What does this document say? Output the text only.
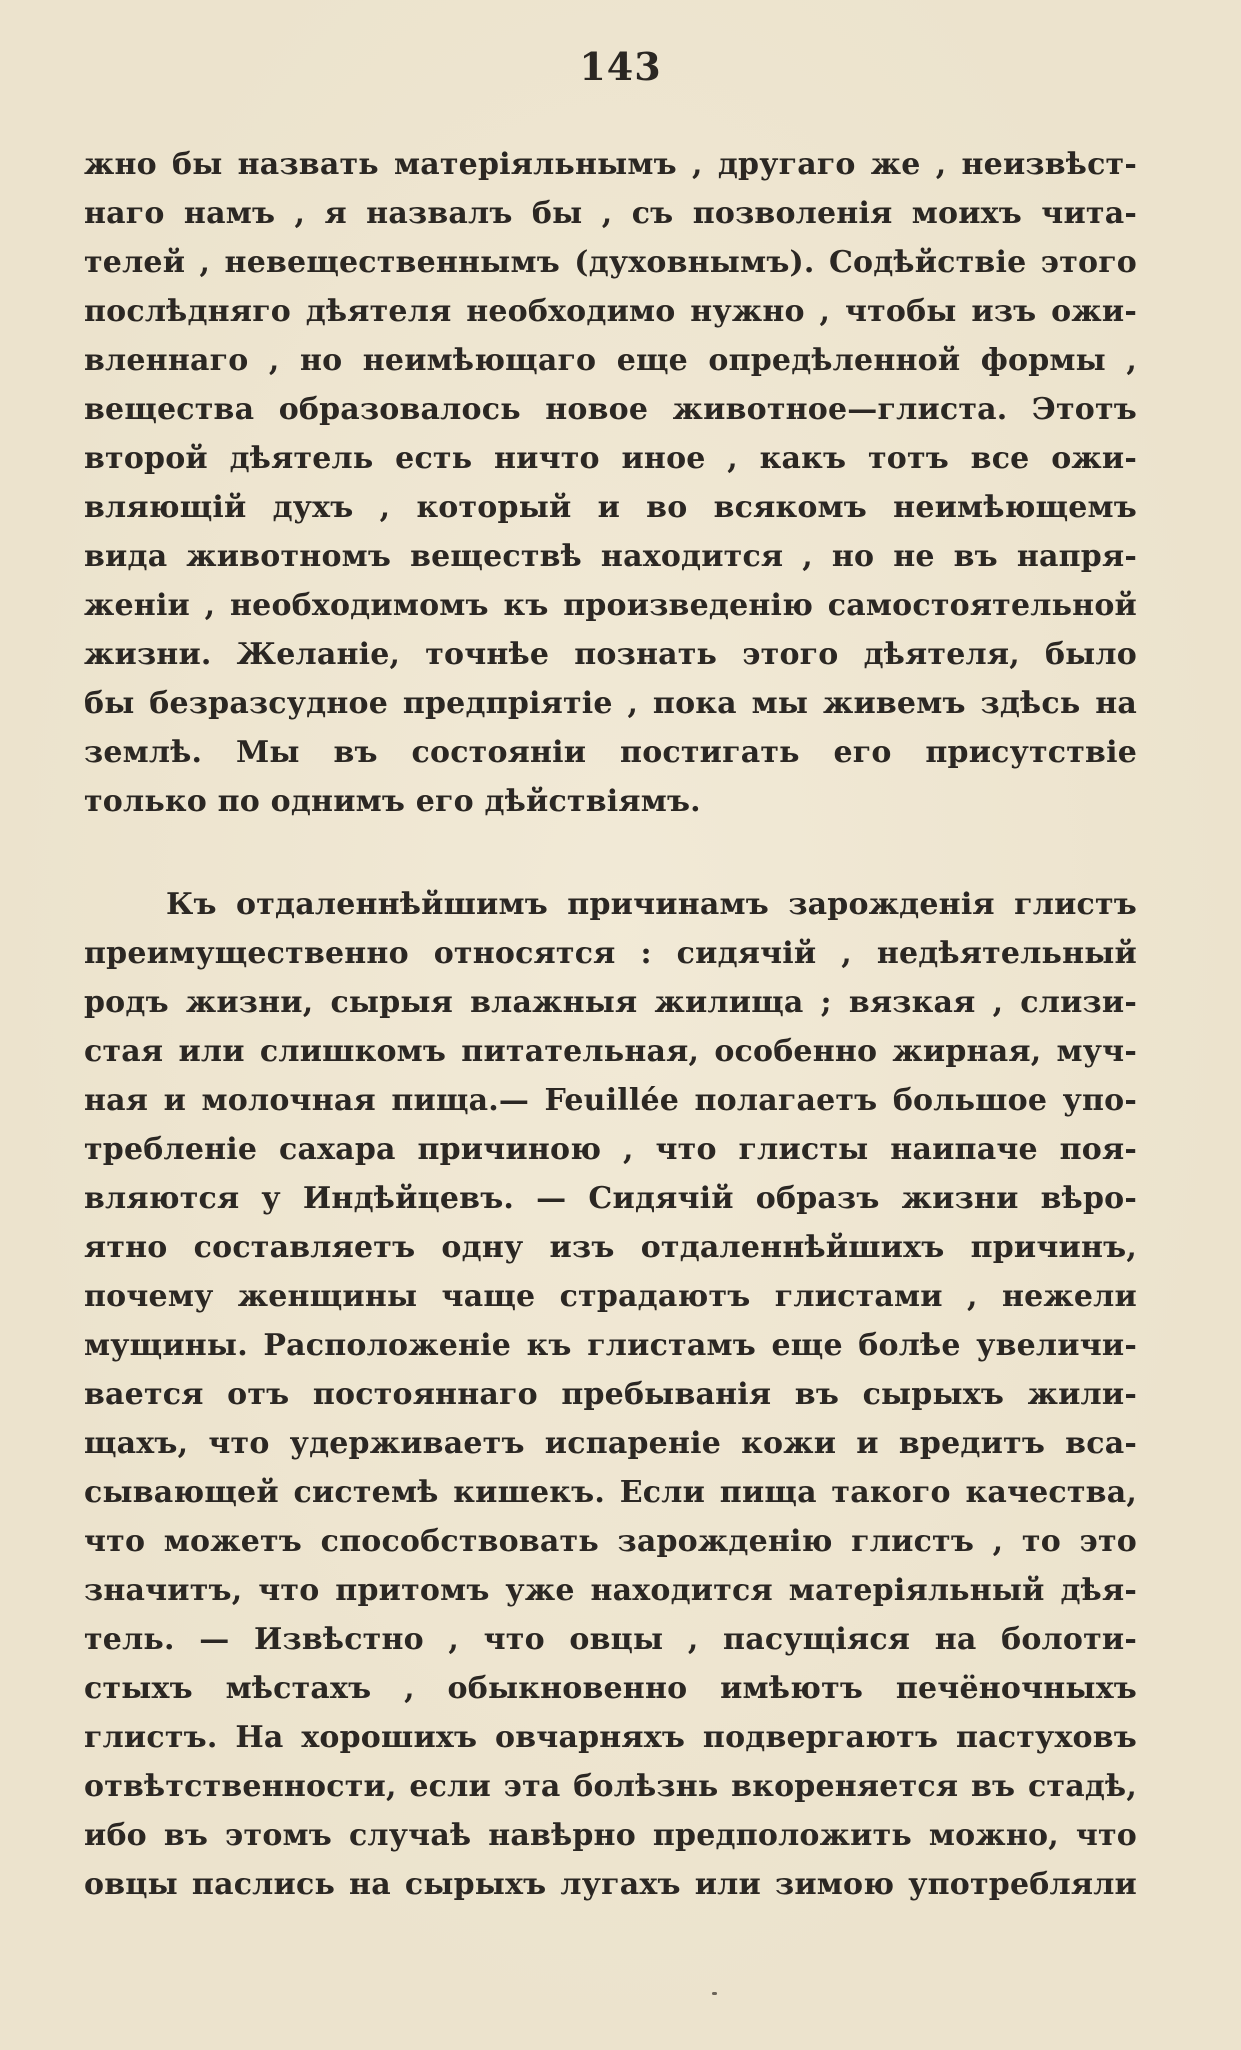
143
жно бы назвать матеріяльнымъ , другаго же , неизвѣст-
наго намъ , я назвалъ бы , съ позволенія моихъ чита-
телей , невещественнымъ (духовнымъ). Содѣйствіе этого
послѣдняго дѣятеля необходимо нужно , чтобы изъ ожи-
вленнаго , но неимѣющаго еще опредѣленной формы ,
вещества образовалось новое животное—глиста. Этотъ
второй дѣятель есть ничто иное , какъ тотъ все ожи-
вляющій духъ , который и во всякомъ неимѣющемъ
вида животномъ веществѣ находится , но не въ напря-
женіи , необходимомъ къ произведенію самостоятельной
жизни. Желаніе, точнѣе познать этого дѣятеля, было
бы безразсудное предпріятіе , пока мы живемъ здѣсь на
землѣ. Мы въ состояніи постигать его присутствіе
только по однимъ его дѣйствіямъ.
Къ отдаленнѣйшимъ причинамъ зарожденія глистъ
преимущественно относятся : сидячій , недѣятельный
родъ жизни, сырыя влажныя жилища ; вязкая , слизи-
стая или слишкомъ питательная, особенно жирная, муч-
ная и молочная пища.— Feuillée полагаетъ большое упо-
требленіе сахара причиною , что глисты наипаче поя-
вляются у Индѣйцевъ. — Сидячій образъ жизни вѣро-
ятно составляетъ одну изъ отдаленнѣйшихъ причинъ,
почему женщины чаще страдаютъ глистами , нежели
мущины. Расположеніе къ глистамъ еще болѣе увеличи-
вается отъ постояннаго пребыванія въ сырыхъ жили-
щахъ, что удерживаетъ испареніе кожи и вредитъ вса-
сывающей системѣ кишекъ. Если пища такого качества,
что можетъ способствовать зарожденію глистъ , то это
значитъ, что притомъ уже находится матеріяльный дѣя-
тель. — Извѣстно , что овцы , пасущіяся на болоти-
стыхъ мѣстахъ , обыкновенно имѣютъ печёночныхъ
глистъ. На хорошихъ овчарняхъ подвергаютъ пастуховъ
отвѣтственности, если эта болѣзнь вкореняется въ стадѣ,
ибо въ этомъ случаѣ навѣрно предположить можно, что
овцы паслись на сырыхъ лугахъ или зимою употребляли
